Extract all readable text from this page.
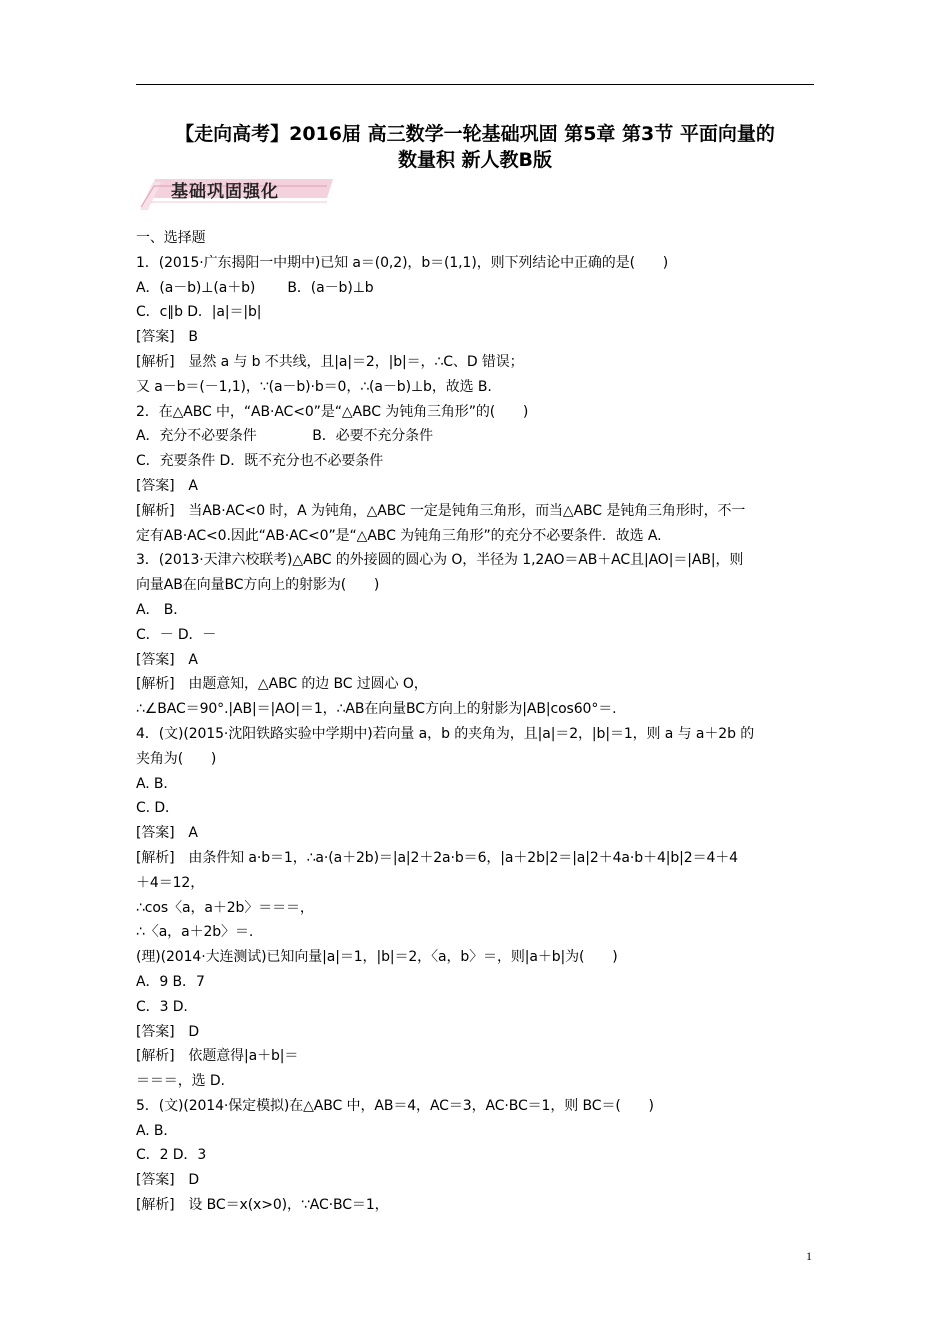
【走向高考】2016届 高三数学一轮基础巩固 第5章 第3节 平面向量的
数量积 新人教B版
基础巩固强化
一、选择题
1．(2015·广东揭阳一中期中)已知 a＝(0,2)，b＝(1,1)，则下列结论中正确的是(　　)
A．(a－b)⊥(a＋b)　　 B．(a－b)⊥b
C．c∥b D．|a|＝|b|
[答案]　B
[解析]　显然 a 与 b 不共线，且|a|＝2，|b|＝，∴C、D 错误；
又 a－b＝(－1,1)，∵(a－b)·b＝0，∴(a－b)⊥b，故选 B.
2．在△ABC 中，“AB·AC<0”是“△ABC 为钝角三角形”的(　　)
A．充分不必要条件　　　　B．必要不充分条件
C．充要条件 D．既不充分也不必要条件
[答案]　A
[解析]　当AB·AC<0 时，A 为钝角，△ABC 一定是钝角三角形，而当△ABC 是钝角三角形时，不一
定有AB·AC<0.因此“AB·AC<0”是“△ABC 为钝角三角形”的充分不必要条件．故选 A.
3．(2013·天津六校联考)△ABC 的外接圆的圆心为 O，半径为 1,2AO＝AB＋AC且|AO|＝|AB|，则
向量AB在向量BC方向上的射影为(　　)
A． B．
C．－ D．－
[答案]　A
[解析]　由题意知，△ABC 的边 BC 过圆心 O，
∴∠BAC＝90°.|AB|＝|AO|＝1，∴AB在向量BC方向上的射影为|AB|cos60°＝.
4．(文)(2015·沈阳铁路实验中学期中)若向量 a，b 的夹角为，且|a|＝2，|b|＝1，则 a 与 a＋2b 的
夹角为(　　)
A. B．
C. D．
[答案]　A
[解析]　由条件知 a·b＝1，∴a·(a＋2b)＝|a|2＋2a·b＝6，|a＋2b|2＝|a|2＋4a·b＋4|b|2＝4＋4
＋4＝12，
∴cos〈a，a＋2b〉＝＝＝，
∴〈a，a＋2b〉＝.
(理)(2014·大连测试)已知向量|a|＝1，|b|＝2，〈a，b〉＝，则|a＋b|为(　　)
A．9 B．7
C．3 D.
[答案]　D
[解析]　依题意得|a＋b|＝
＝＝＝，选 D.
5．(文)(2014·保定模拟)在△ABC 中，AB＝4，AC＝3，AC·BC＝1，则 BC＝(　　)
A. B．
C．2 D．3
[答案]　D
[解析]　设 BC＝x(x>0)，∵AC·BC＝1，
1
